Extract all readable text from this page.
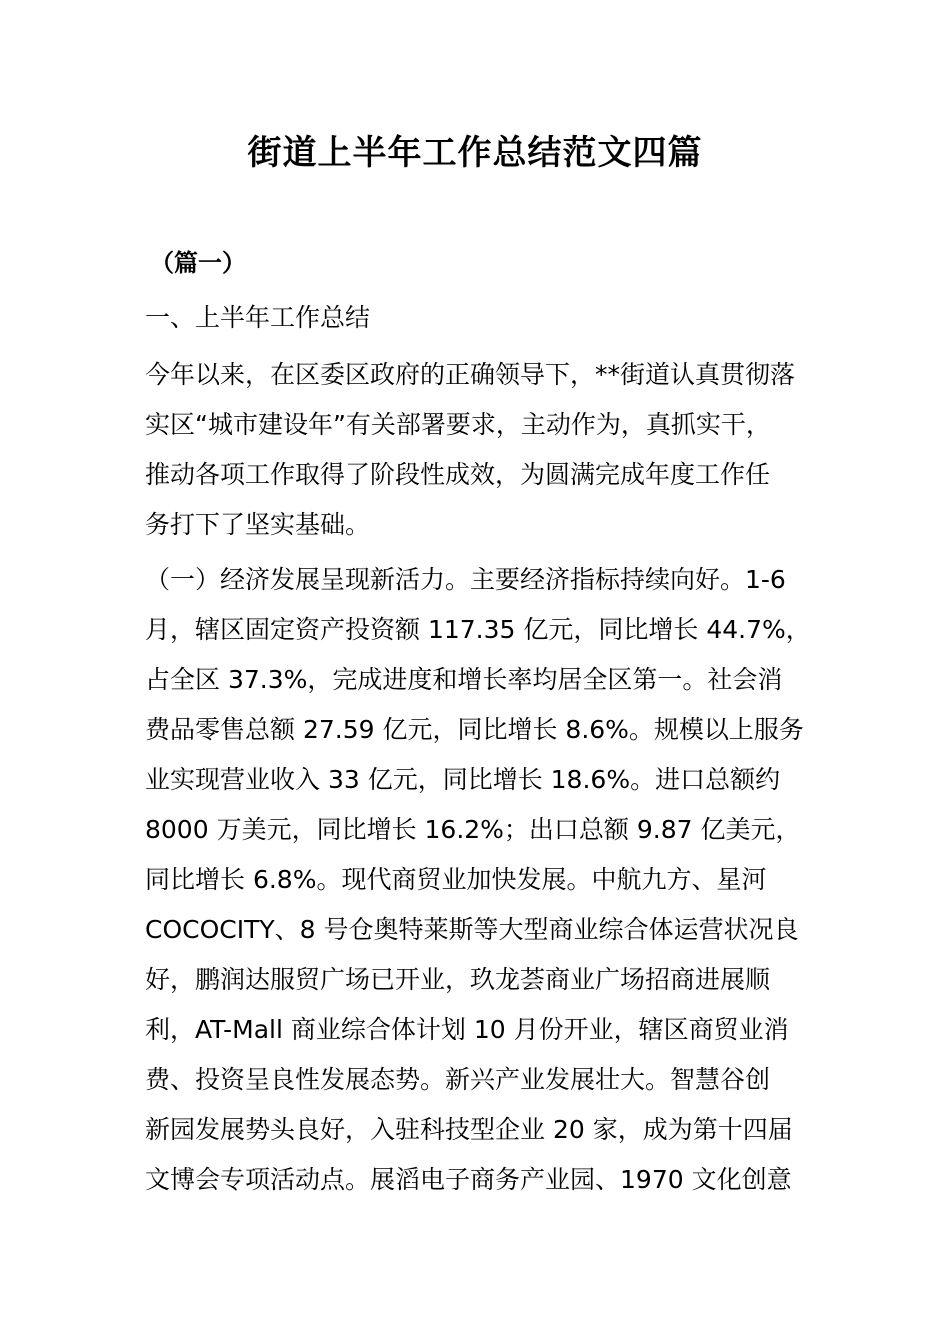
街道上半年工作总结范文四篇
（篇一）
一、上半年工作总结

今年以来，在区委区政府的正确领导下，**街道认真贯彻落
实区“城市建设年”有关部署要求，主动作为，真抓实干，
推动各项工作取得了阶段性成效，为圆满完成年度工作任
务打下了坚实基础。

（一）经济发展呈现新活力。主要经济指标持续向好。1-6
月，辖区固定资产投资额 117.35 亿元，同比增长 44.7%，
占全区 37.3%，完成进度和增长率均居全区第一。社会消
费品零售总额 27.59 亿元，同比增长 8.6%。规模以上服务
业实现营业收入 33 亿元，同比增长 18.6%。进口总额约
8000 万美元，同比增长 16.2%；出口总额 9.87 亿美元，
同比增长 6.8%。现代商贸业加快发展。中航九方、星河
COCOCITY、8 号仓奥特莱斯等大型商业综合体运营状况良
好，鹏润达服贸广场已开业，玖龙荟商业广场招商进展顺
利，AT-Mall 商业综合体计划 10 月份开业，辖区商贸业消
费、投资呈良性发展态势。新兴产业发展壮大。智慧谷创
新园发展势头良好，入驻科技型企业 20 家，成为第十四届
文博会专项活动点。展滔电子商务产业园、1970 文化创意
